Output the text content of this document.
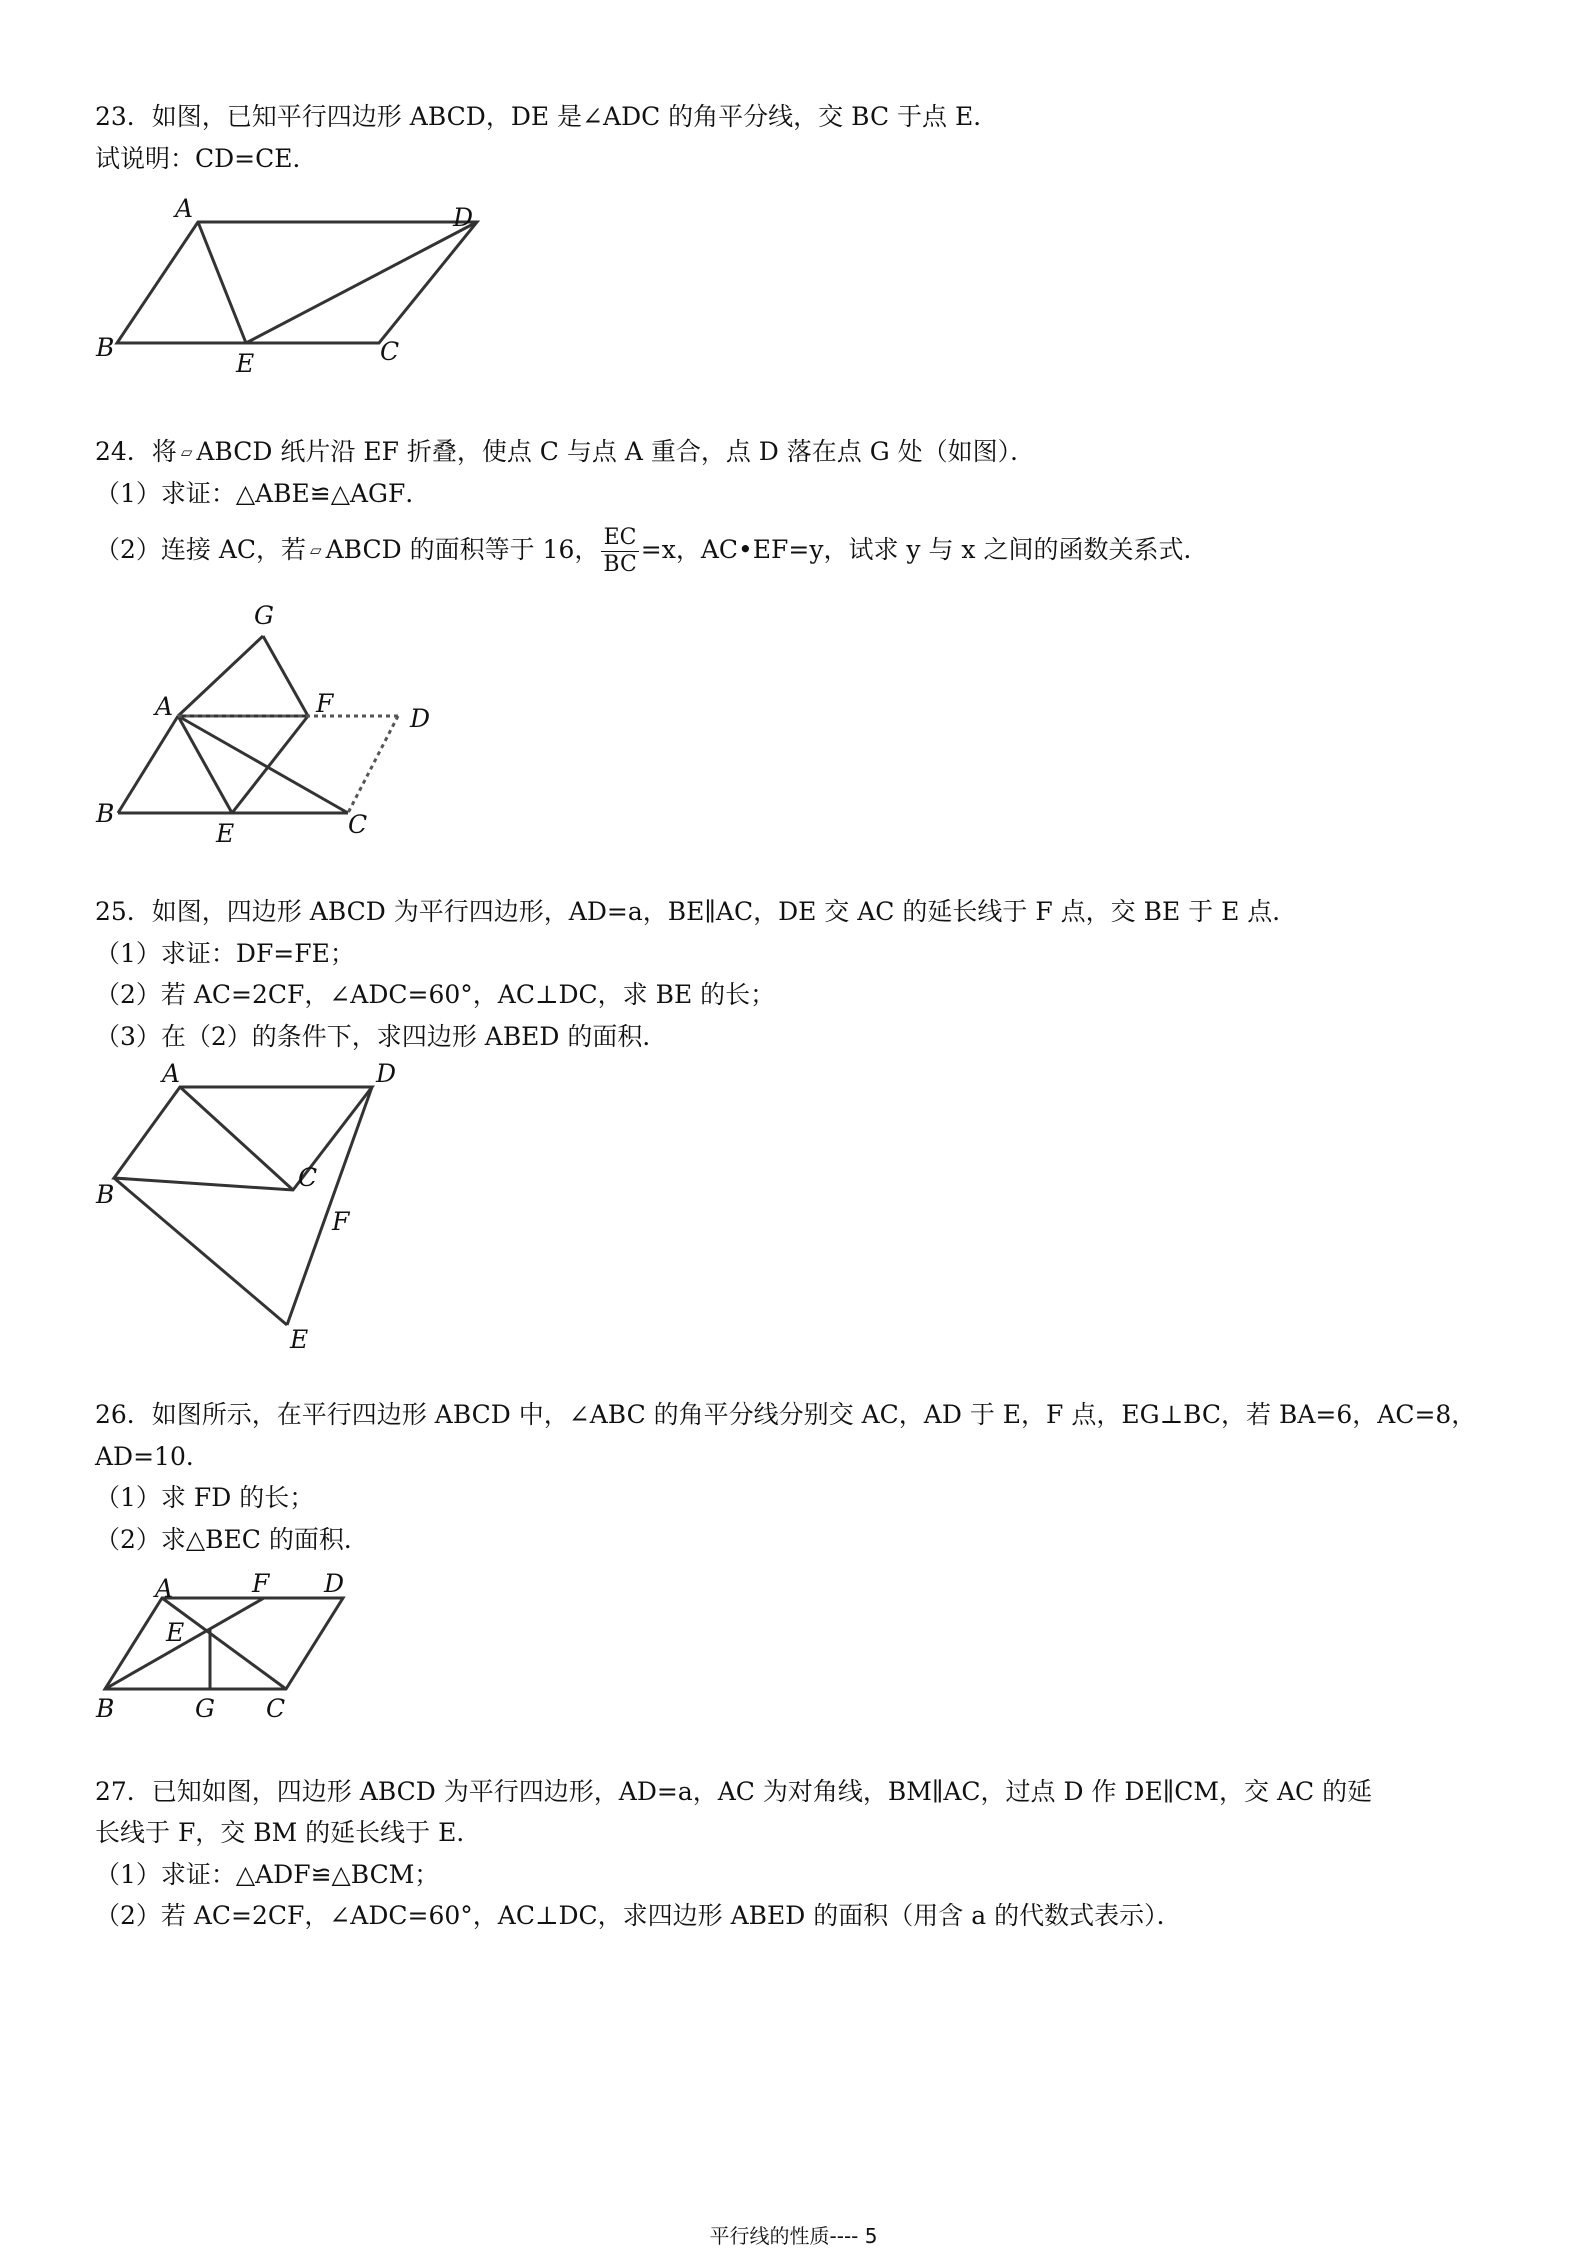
23．如图，已知平行四边形 ABCD，DE 是∠ADC 的角平分线，交 BC 于点 E．
试说明：CD=CE．
A	D
B
E	C
24．将 ▱ ABCD 纸片沿 EF 折叠，使点 C 与点 A 重合，点 D 落在点 G 处（如图）．
（1）求证：△ABE≌△AGF．
（2）连接 AC，若 ▱ ABCD 的面积等于 16， $\frac{EC}{BC} =x$，AC•EF=y，试求 y 与 x 之间的函数关系式．
G
A	F
D
B
E	C
25．如图，四边形 ABCD 为平行四边形，AD=a，BE∥AC，DE 交 AC 的延长线于 F 点，交 BE 于 E 点．
（1）求证：DF=FE；
（2）若 AC=2CF，∠ADC=60°，AC⊥DC，求 BE 的长；
（3）在（2）的条件下，求四边形 ABED 的面积．
A	D
B
C
F
E
26．如图所示，在平行四边形 ABCD 中，∠ABC 的角平分线分别交 AC，AD 于 E，F 点，EG⊥BC，若 BA=6，AC=8，
AD=10．
（1）求 FD 的长；
（2）求△BEC 的面积．
A	F D
E
B	G C
27．已知如图，四边形 ABCD 为平行四边形，AD=a，AC 为对角线，BM∥AC，过点 D 作 DE∥CM，交 AC 的延
长线于 F，交 BM 的延长线于 E．
（1）求证：△ADF≌△BCM；
（2）若 AC=2CF，∠ADC=60°，AC⊥DC，求四边形 ABED 的面积（用含 a 的代数式表示）．
平行线的性质---- 5
